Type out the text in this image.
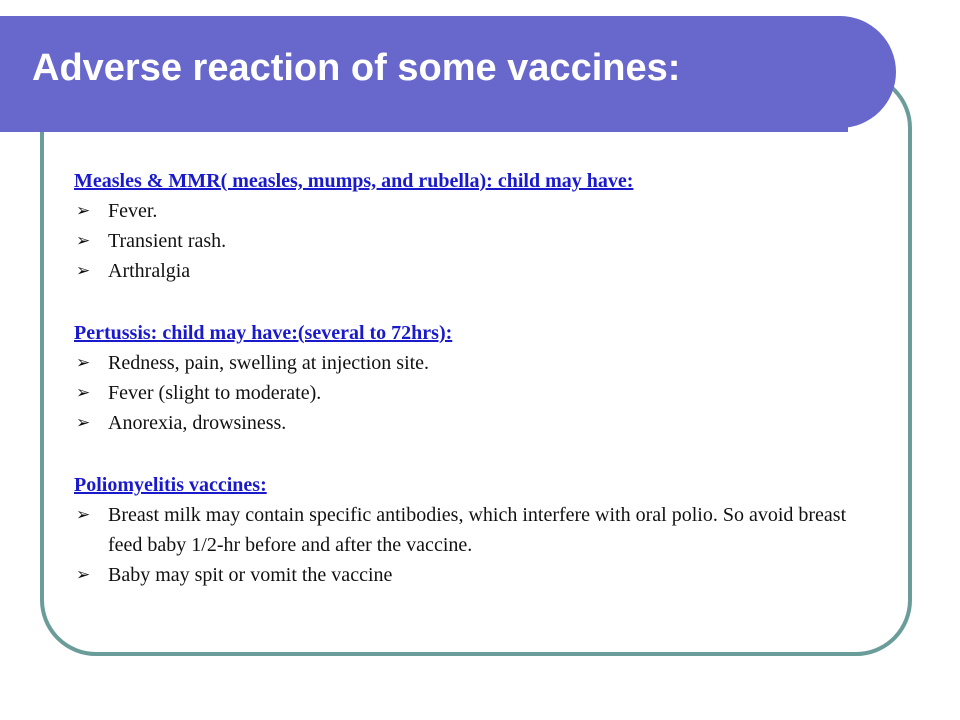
Adverse reaction of some vaccines:
Measles & MMR( measles, mumps, and rubella): child may have:
➢ Fever.
➢ Transient rash.
➢ Arthralgia
Pertussis: child may have:(several to 72hrs):
➢ Redness, pain, swelling at injection site.
➢ Fever (slight to moderate).
➢ Anorexia, drowsiness.
Poliomyelitis vaccines:
➢ Breast milk may contain specific antibodies, which interfere with oral polio. So avoid breast feed baby 1/2-hr before and after the vaccine.
➢ Baby may spit or vomit the vaccine
